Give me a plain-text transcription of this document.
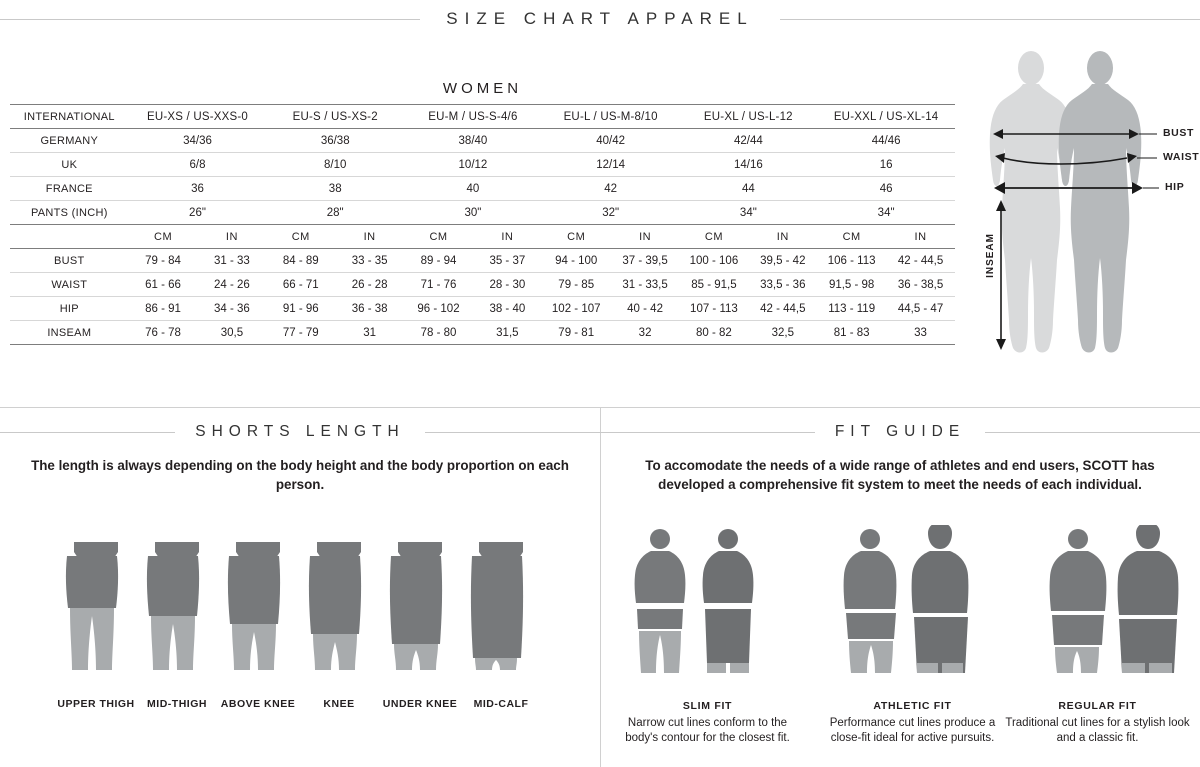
SIZE CHART APPAREL
WOMEN												
INTERNATIONAL	EU-XS / US-XXS-0		EU-S / US-XS-2		EU-M / US-S-4/6		EU-L / US-M-8/10		EU-XL / US-L-12		EU-XXL / US-XL-14	
GERMANY	34/36		36/38		38/40		40/42		42/44		44/46	
UK	6/8		8/10		10/12		12/14		14/16		16	
FRANCE	36		38		40		42		44		46	
PANTS (INCH)	26"		28"		30"		32"		34"		34"	
	CM	IN	CM	IN	CM	IN	CM	IN	CM	IN	CM	IN
BUST	79 - 84	31 - 33	84 - 89	33 - 35	89 - 94	35 - 37	94 - 100	37 - 39,5	100 - 106	39,5 - 42	106 - 113	42 - 44,5
WAIST	61 - 66	24 - 26	66 - 71	26 - 28	71 - 76	28 - 30	79 - 85	31 - 33,5	85 - 91,5	33,5 - 36	91,5 - 98	36 - 38,5
HIP	86 - 91	34 - 36	91 - 96	36 - 38	96 - 102	38 - 40	102 - 107	40 - 42	107 - 113	42 - 44,5	113 - 119	44,5 - 47
INSEAM	76 - 78	30,5	77 - 79	31	78 - 80	31,5	79 - 81	32	80 - 82	32,5	81 - 83	33
BUST
WAIST
HIP
INSEAM
SHORTS LENGTH
The length is always depending on the body height and the body proportion on each person.
UPPER THIGH	MID-THIGH	ABOVE KNEE	KNEE	UNDER KNEE	MID-CALF
FIT GUIDE
To accomodate the needs of a wide range of athletes and end users, SCOTT has developed a comprehensive fit system to meet the needs of each individual.
SLIM FIT
Narrow cut lines conform to the body's contour for the closest fit.
ATHLETIC FIT
Performance cut lines produce a close-fit ideal for active pursuits.
REGULAR FIT
Traditional cut lines for a stylish look and a classic fit.
